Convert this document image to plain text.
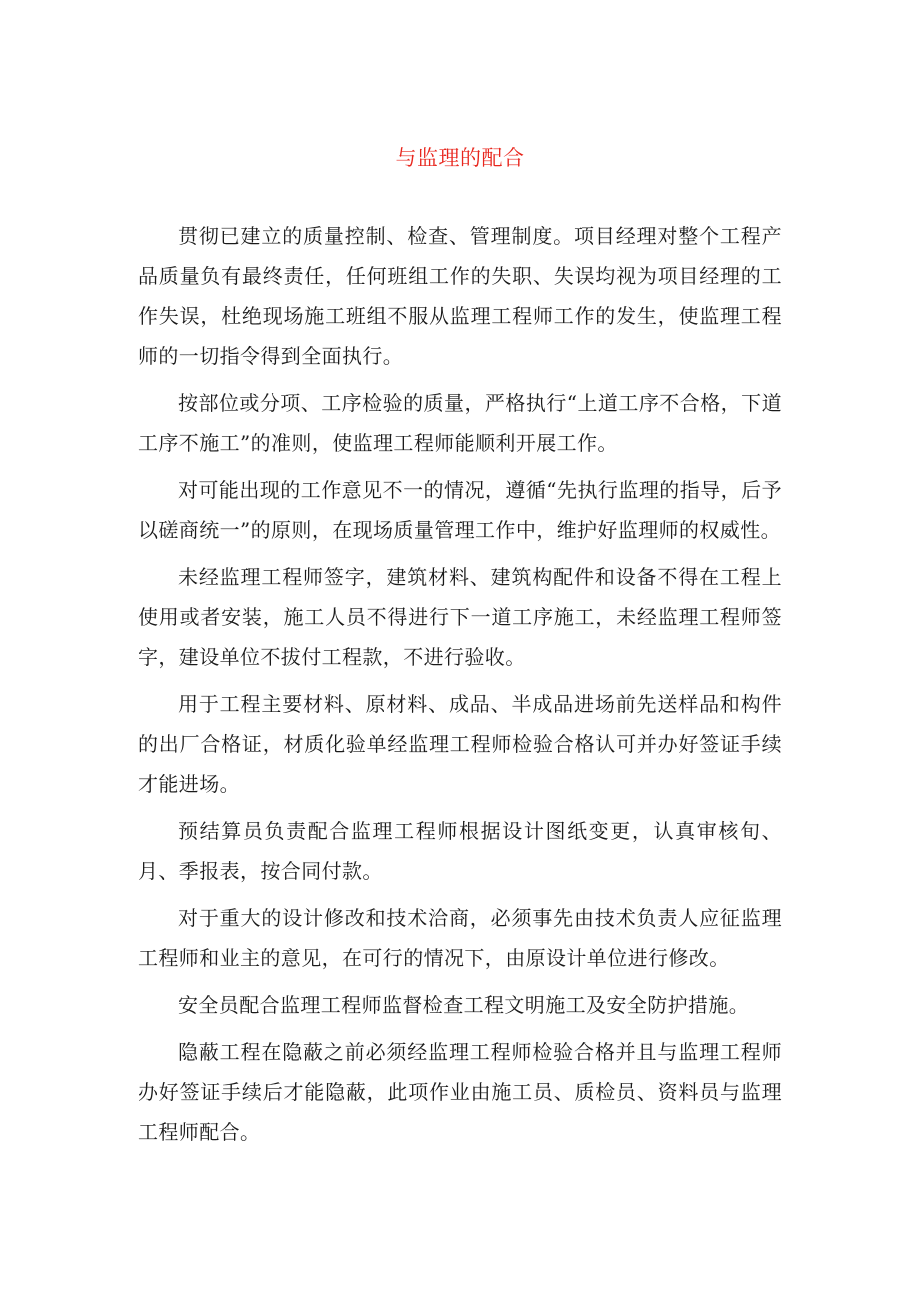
与监理的配合

贯彻已建立的质量控制、检查、管理制度。项目经理对整个工程产品质量负有最终责任，任何班组工作的失职、失误均视为项目经理的工作失误，杜绝现场施工班组不服从监理工程师工作的发生，使监理工程师的一切指令得到全面执行。

按部位或分项、工序检验的质量，严格执行“上道工序不合格，下道工序不施工”的准则，使监理工程师能顺利开展工作。

对可能出现的工作意见不一的情况，遵循“先执行监理的指导，后予以磋商统一”的原则，在现场质量管理工作中，维护好监理师的权威性。

未经监理工程师签字，建筑材料、建筑构配件和设备不得在工程上使用或者安装，施工人员不得进行下一道工序施工，未经监理工程师签字，建设单位不拔付工程款，不进行验收。

用于工程主要材料、原材料、成品、半成品进场前先送样品和构件的出厂合格证，材质化验单经监理工程师检验合格认可并办好签证手续才能进场。

预结算员负责配合监理工程师根据设计图纸变更，认真审核旬、月、季报表，按合同付款。

对于重大的设计修改和技术洽商，必须事先由技术负责人应征监理工程师和业主的意见，在可行的情况下，由原设计单位进行修改。

安全员配合监理工程师监督检查工程文明施工及安全防护措施。

隐蔽工程在隐蔽之前必须经监理工程师检验合格并且与监理工程师办好签证手续后才能隐蔽，此项作业由施工员、质检员、资料员与监理工程师配合。
